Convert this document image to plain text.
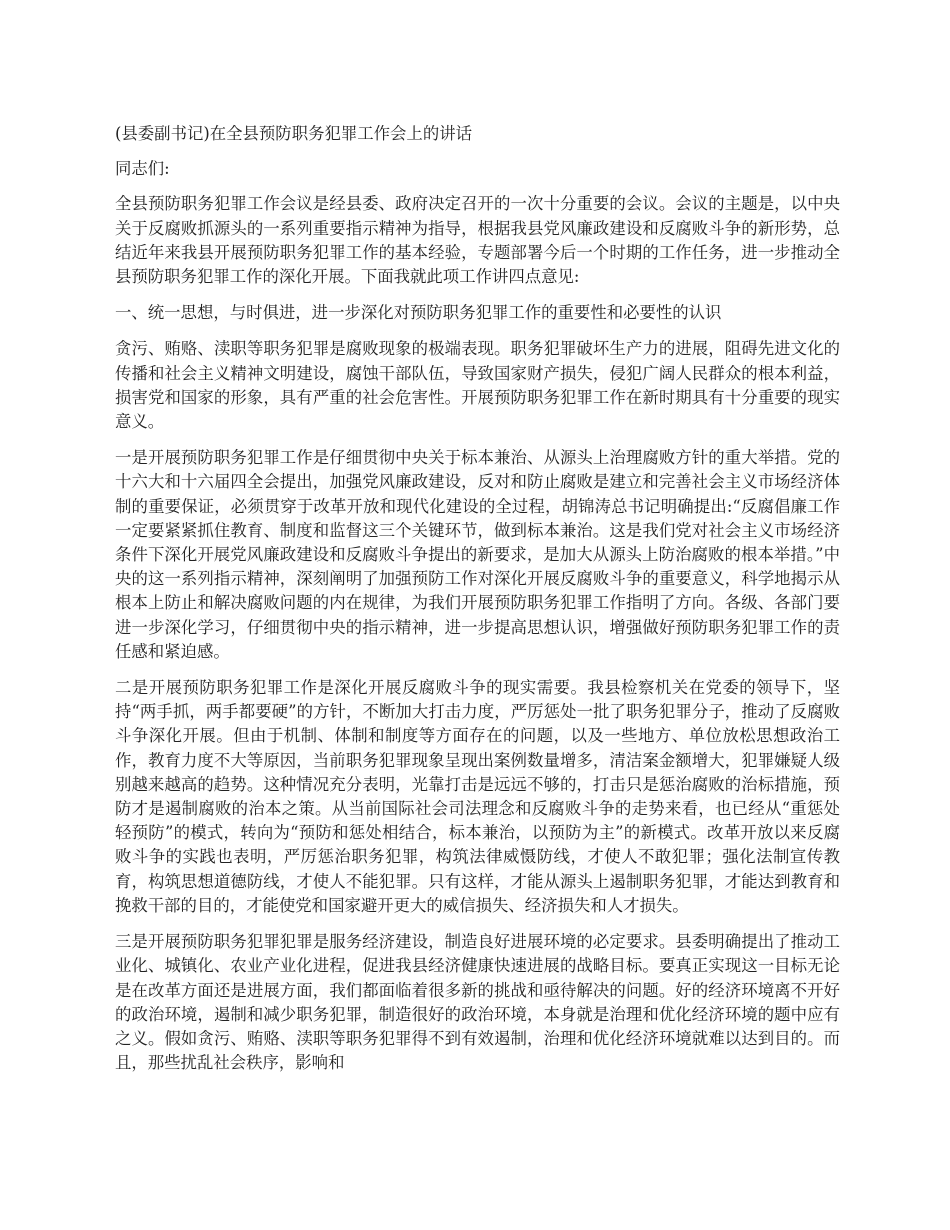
(县委副书记)在全县预防职务犯罪工作会上的讲话

同志们:

全县预防职务犯罪工作会议是经县委、政府决定召开的一次十分重要的会议。会议的主题是，以中央关于反腐败抓源头的一系列重要指示精神为指导，根据我县党风廉政建设和反腐败斗争的新形势，总结近年来我县开展预防职务犯罪工作的基本经验，专题部署今后一个时期的工作任务，进一步推动全县预防职务犯罪工作的深化开展。下面我就此项工作讲四点意见:

一、统一思想，与时俱进，进一步深化对预防职务犯罪工作的重要性和必要性的认识

贪污、贿赂、渎职等职务犯罪是腐败现象的极端表现。职务犯罪破坏生产力的进展，阻碍先进文化的传播和社会主义精神文明建设，腐蚀干部队伍，导致国家财产损失，侵犯广阔人民群众的根本利益，损害党和国家的形象，具有严重的社会危害性。开展预防职务犯罪工作在新时期具有十分重要的现实意义。

一是开展预防职务犯罪工作是仔细贯彻中央关于标本兼治、从源头上治理腐败方针的重大举措。党的十六大和十六届四全会提出，加强党风廉政建设，反对和防止腐败是建立和完善社会主义市场经济体制的重要保证，必须贯穿于改革开放和现代化建设的全过程，胡锦涛总书记明确提出:“反腐倡廉工作一定要紧紧抓住教育、制度和监督这三个关键环节，做到标本兼治。这是我们党对社会主义市场经济条件下深化开展党风廉政建设和反腐败斗争提出的新要求，是加大从源头上防治腐败的根本举措。”中央的这一系列指示精神，深刻阐明了加强预防工作对深化开展反腐败斗争的重要意义，科学地揭示从根本上防止和解决腐败问题的内在规律，为我们开展预防职务犯罪工作指明了方向。各级、各部门要进一步深化学习，仔细贯彻中央的指示精神，进一步提高思想认识，增强做好预防职务犯罪工作的责任感和紧迫感。

二是开展预防职务犯罪工作是深化开展反腐败斗争的现实需要。我县检察机关在党委的领导下，坚持“两手抓，两手都要硬”的方针，不断加大打击力度，严厉惩处一批了职务犯罪分子，推动了反腐败斗争深化开展。但由于机制、体制和制度等方面存在的问题，以及一些地方、单位放松思想政治工作，教育力度不大等原因，当前职务犯罪现象呈现出案例数量增多，清洁案金额增大，犯罪嫌疑人级别越来越高的趋势。这种情况充分表明，光靠打击是远远不够的，打击只是惩治腐败的治标措施，预防才是遏制腐败的治本之策。从当前国际社会司法理念和反腐败斗争的走势来看，也已经从“重惩处轻预防”的模式，转向为“预防和惩处相结合，标本兼治，以预防为主”的新模式。改革开放以来反腐败斗争的实践也表明，严厉惩治职务犯罪，构筑法律威慑防线，才使人不敢犯罪；强化法制宣传教育，构筑思想道德防线，才使人不能犯罪。只有这样，才能从源头上遏制职务犯罪，才能达到教育和挽救干部的目的，才能使党和国家避开更大的威信损失、经济损失和人才损失。

三是开展预防职务犯罪犯罪是服务经济建设，制造良好进展环境的必定要求。县委明确提出了推动工业化、城镇化、农业产业化进程，促进我县经济健康快速进展的战略目标。要真正实现这一目标无论是在改革方面还是进展方面，我们都面临着很多新的挑战和亟待解决的问题。好的经济环境离不开好的政治环境，遏制和减少职务犯罪，制造很好的政治环境，本身就是治理和优化经济环境的题中应有之义。假如贪污、贿赂、渎职等职务犯罪得不到有效遏制，治理和优化经济环境就难以达到目的。而且，那些扰乱社会秩序，影响和
